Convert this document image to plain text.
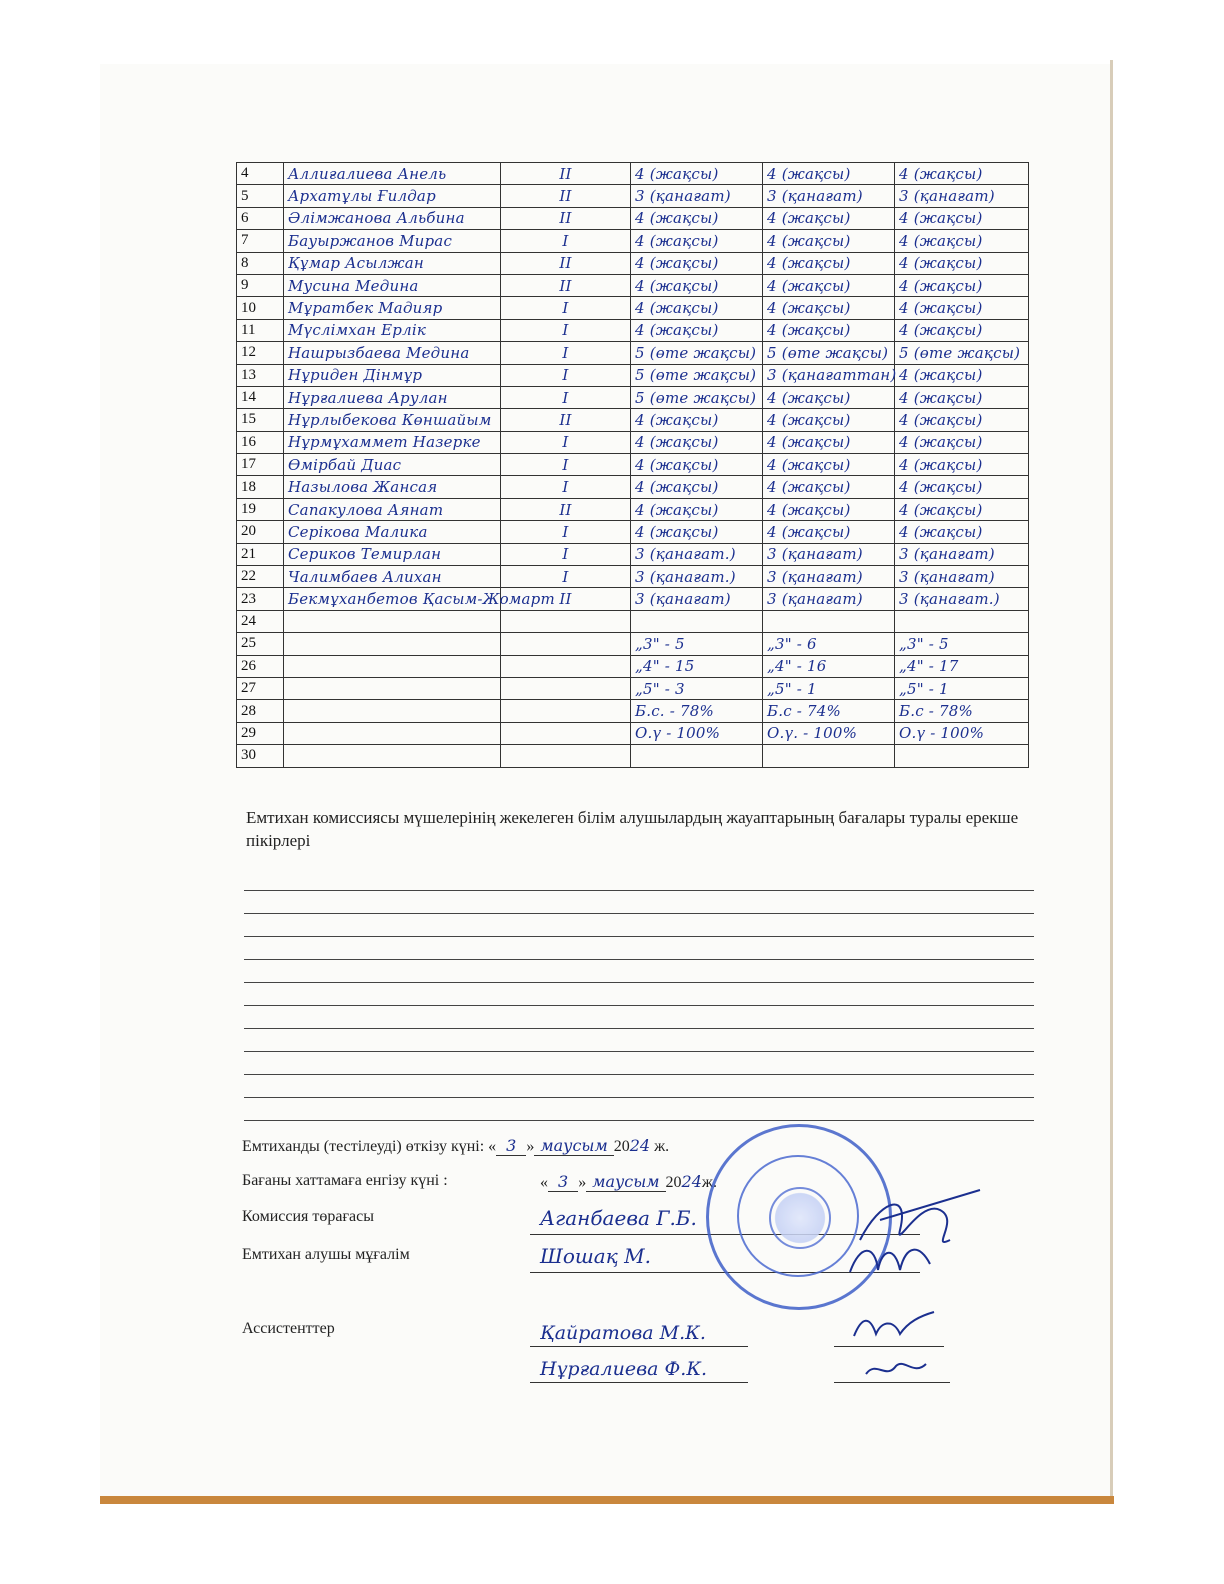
4	Аллиғалиева Анель	II	4 (жақсы)	4 (жақсы)	4 (жақсы)
5	Архатұлы Ғилдар	II	3 (қанағат)	3 (қанағат)	3 (қанағат)
6	Әлімжанова Альбина	II	4 (жақсы)	4 (жақсы)	4 (жақсы)
7	Бауыржанов Мирас	I	4 (жақсы)	4 (жақсы)	4 (жақсы)
8	Құмар Асылжан	II	4 (жақсы)	4 (жақсы)	4 (жақсы)
9	Мусина Медина	II	4 (жақсы)	4 (жақсы)	4 (жақсы)
10	Мұратбек Мадияр	I	4 (жақсы)	4 (жақсы)	4 (жақсы)
11	Мүслімхан Ерлік	I	4 (жақсы)	4 (жақсы)	4 (жақсы)
12	Нашрызбаева Медина	I	5 (өте жақсы)	5 (өте жақсы)	5 (өте жақсы)
13	Нұриден Дінмұр	I	5 (өте жақсы)	3 (қанағаттан)	4 (жақсы)
14	Нұрғалиева Арулан	I	5 (өте жақсы)	4 (жақсы)	4 (жақсы)
15	Нұрлыбекова Көншайым	II	4 (жақсы)	4 (жақсы)	4 (жақсы)
16	Нұрмұхаммет Назерке	I	4 (жақсы)	4 (жақсы)	4 (жақсы)
17	Өмірбай Диас	I	4 (жақсы)	4 (жақсы)	4 (жақсы)
18	Назылова Жансая	I	4 (жақсы)	4 (жақсы)	4 (жақсы)
19	Сапакулова Аянат	II	4 (жақсы)	4 (жақсы)	4 (жақсы)
20	Серікова Малика	I	4 (жақсы)	4 (жақсы)	4 (жақсы)
21	Сериков Темирлан	I	3 (қанағат.)	3 (қанағат)	3 (қанағат)
22	Чалимбаев Алихан	I	3 (қанағат.)	3 (қанағат)	3 (қанағат)
23	Бекмұханбетов Қасым-Жомарт	II	3 (қанағат)	3 (қанағат)	3 (қанағат.)
24					
25			„3" - 5	„3" - 6	„3" - 5
26			„4" - 15	„4" - 16	„4" - 17
27			„5" - 3	„5" - 1	„5" - 1
28			Б.с. - 78%	Б.с - 74%	Б.с - 78%
29			О.ү - 100%	О.ү. - 100%	О.ү - 100%
30					
Емтихан комиссиясы мүшелерінің жекелеген білім алушылардың жауаптарының бағалары туралы ерекше пікірлері
Емтиханды (тестілеуді) өткізу күні: « 3 » маусым 2024 ж.
Бағаны хаттамаға енгізу күні :	« 3 » маусым 2024ж.
Комиссия төрағасы	Аганбаева Г.Б.
Емтихан алушы мұғалім	Шошақ М.
Ассистенттер	Қайратова М.К.
Нұрғалиева Ф.К.
